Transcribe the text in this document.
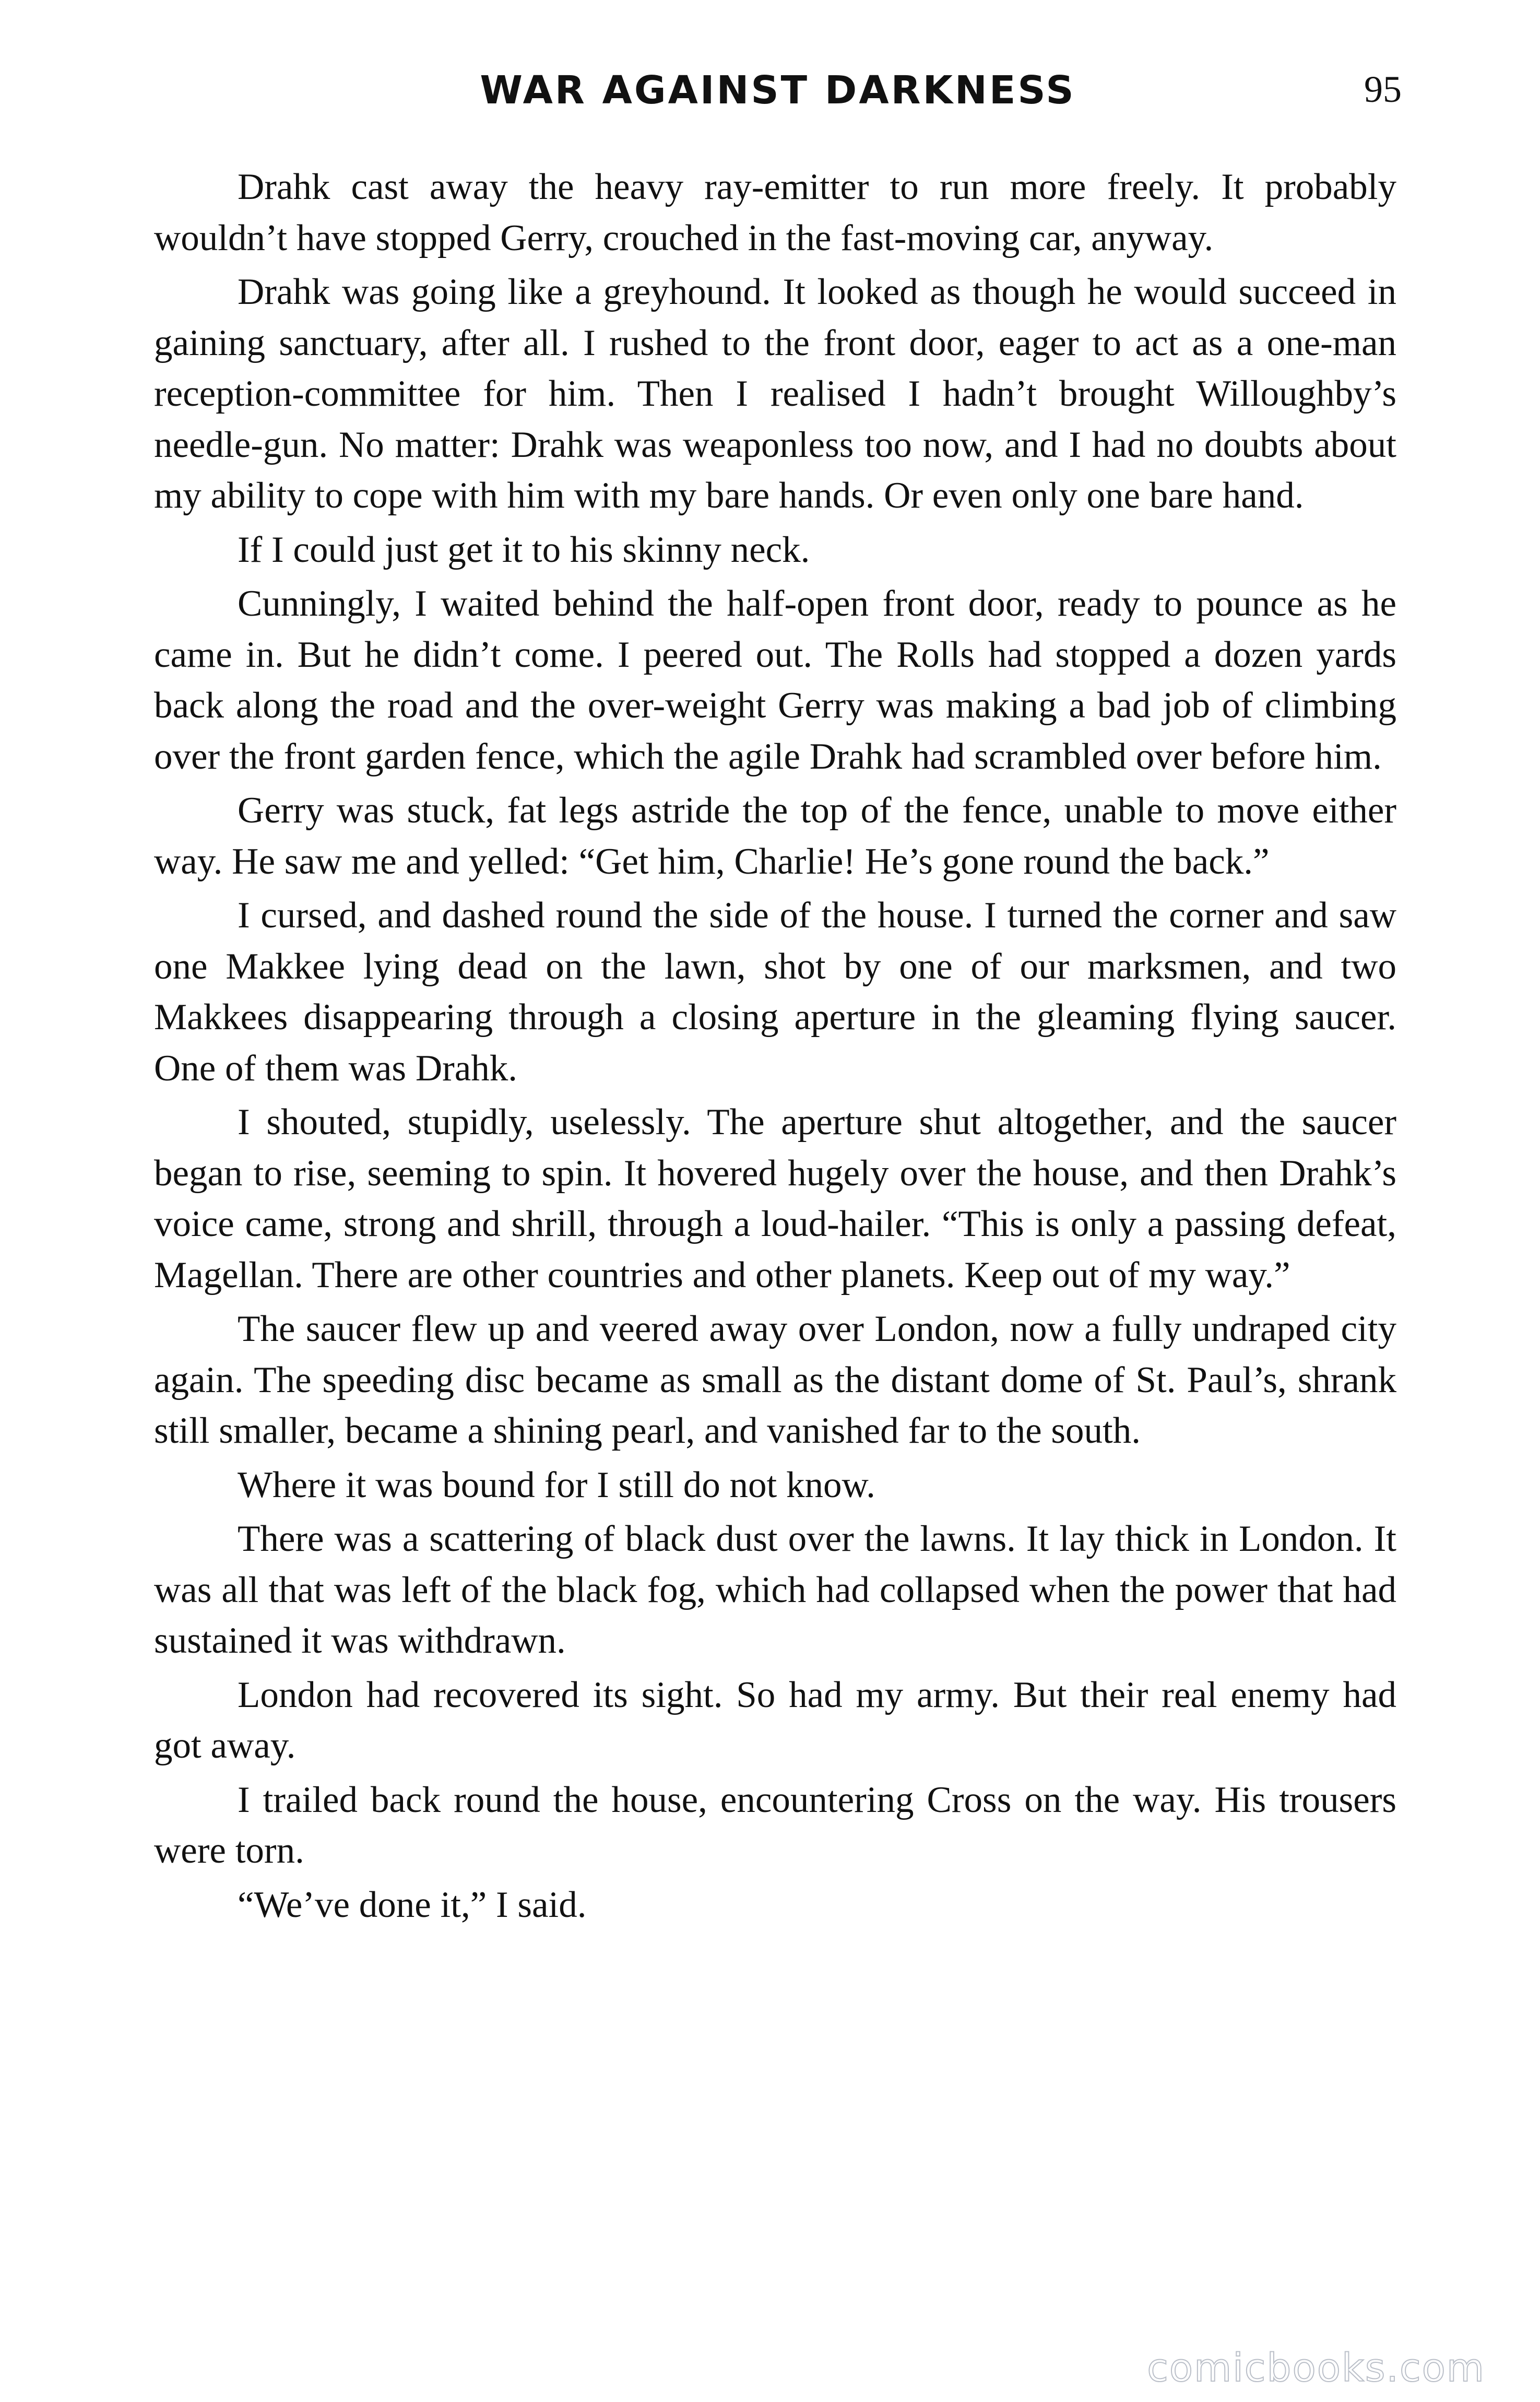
WAR AGAINST DARKNESS	95

Drahk cast away the heavy ray-emitter to run more freely. It probably wouldn’t have stopped Gerry, crouched in the fast-moving car, anyway.

Drahk was going like a greyhound. It looked as though he would succeed in gaining sanctuary, after all. I rushed to the front door, eager to act as a one-man reception-committee for him. Then I realised I hadn’t brought Willoughby’s needle-gun. No matter: Drahk was weaponless too now, and I had no doubts about my ability to cope with him with my bare hands. Or even only one bare hand.

If I could just get it to his skinny neck.

Cunningly, I waited behind the half-open front door, ready to pounce as he came in. But he didn’t come. I peered out. The Rolls had stopped a dozen yards back along the road and the over-weight Gerry was making a bad job of climbing over the front garden fence, which the agile Drahk had scrambled over before him.

Gerry was stuck, fat legs astride the top of the fence, unable to move either way. He saw me and yelled: “Get him, Charlie! He’s gone round the back.”

I cursed, and dashed round the side of the house. I turned the corner and saw one Makkee lying dead on the lawn, shot by one of our marksmen, and two Makkees disappearing through a closing aperture in the gleaming flying saucer. One of them was Drahk.

I shouted, stupidly, uselessly. The aperture shut altogether, and the saucer began to rise, seeming to spin. It hovered hugely over the house, and then Drahk’s voice came, strong and shrill, through a loud-hailer. “This is only a passing defeat, Magellan. There are other countries and other planets. Keep out of my way.”

The saucer flew up and veered away over London, now a fully undraped city again. The speeding disc became as small as the distant dome of St. Paul’s, shrank still smaller, became a shining pearl, and vanished far to the south.

Where it was bound for I still do not know.

There was a scattering of black dust over the lawns. It lay thick in London. It was all that was left of the black fog, which had collapsed when the power that had sustained it was withdrawn.

London had recovered its sight. So had my army. But their real enemy had got away.

I trailed back round the house, encountering Cross on the way. His trousers were torn.

“We’ve done it,” I said.

comicbooks.com
